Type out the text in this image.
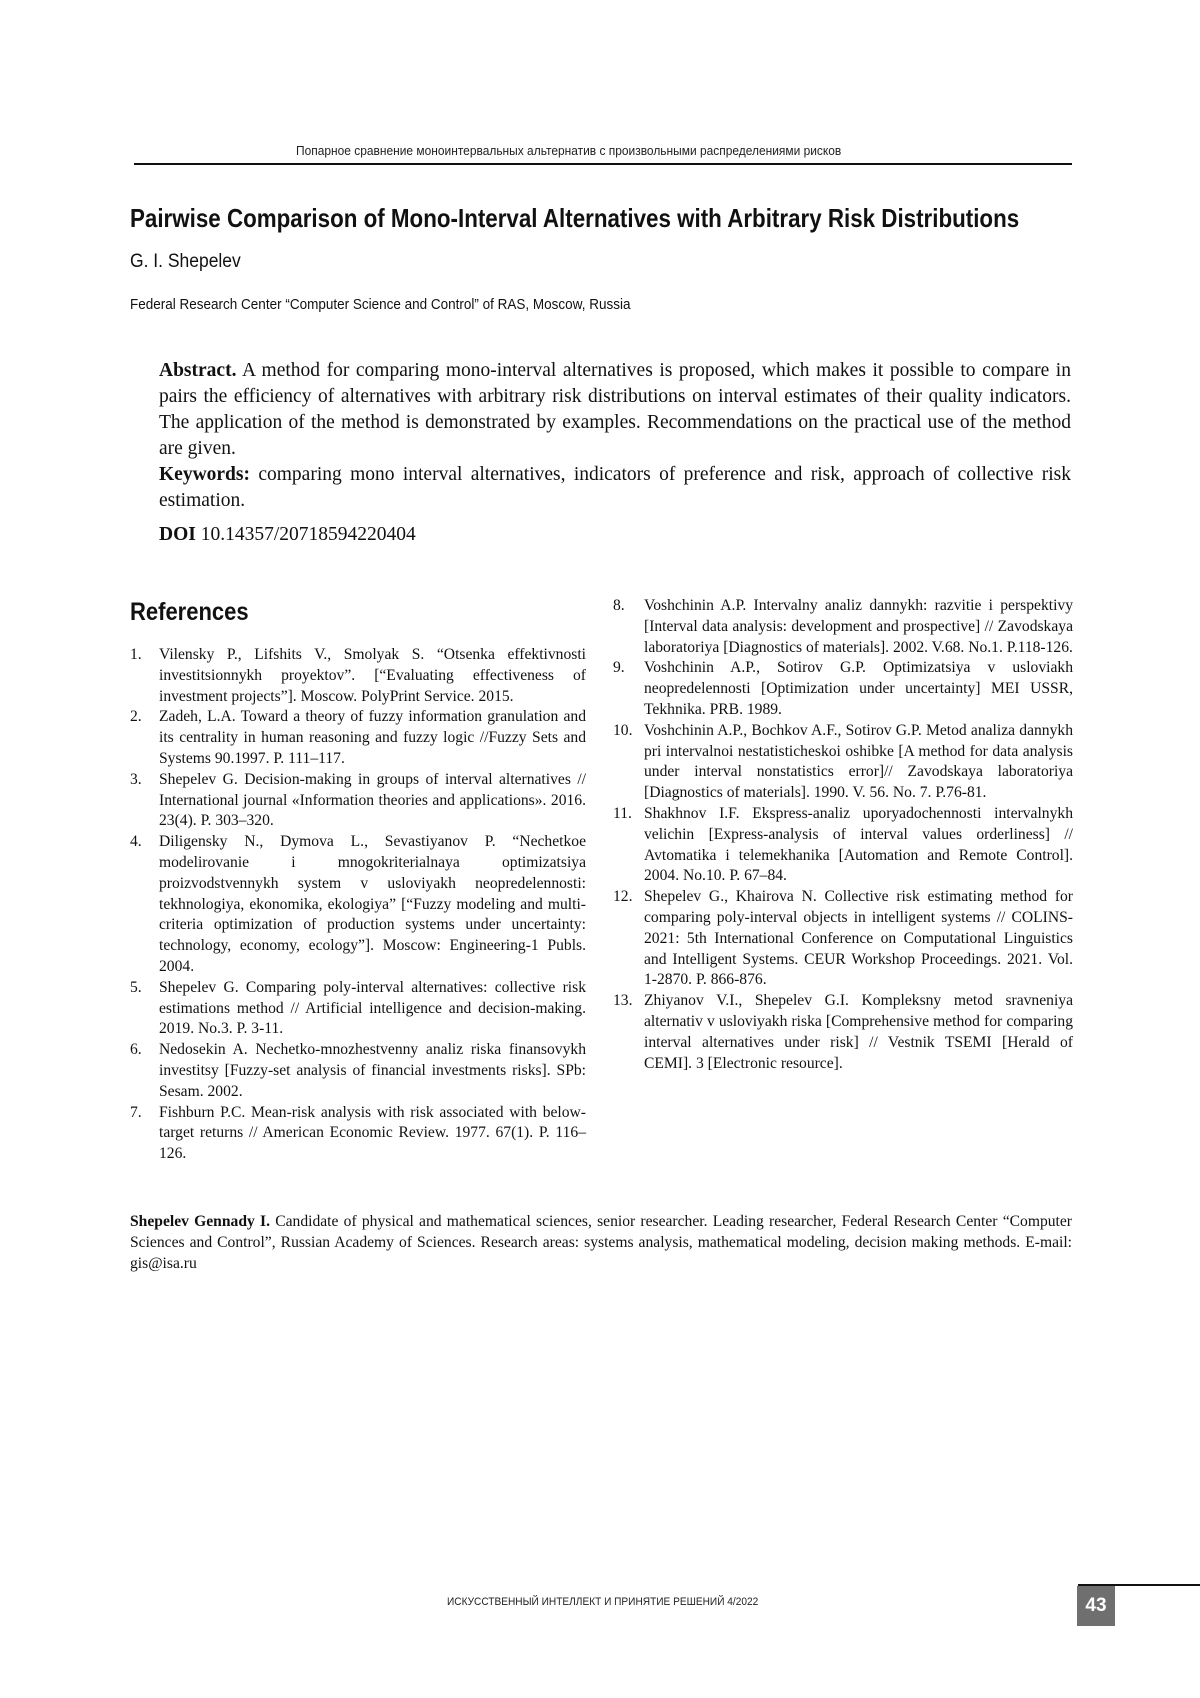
Попарное сравнение моноинтервальных альтернатив с произвольными распределениями рисков
Pairwise Comparison of Mono-Interval Alternatives with Arbitrary Risk Distributions
G. I. Shepelev
Federal Research Center “Computer Science and Control” of RAS, Moscow, Russia

Abstract. A method for comparing mono-interval alternatives is proposed, which makes it possible to compare in pairs the efficiency of alternatives with arbitrary risk distributions on interval estimates of their quality indicators. The application of the method is demonstrated by examples. Recommendations on the practical use of the method are given.

Keywords: comparing mono interval alternatives, indicators of preference and risk, approach of collective risk estimation.

DOI 10.14357/20718594220404
References
1. Vilensky P., Lifshits V., Smolyak S. “Otsenka effektivnosti investitsionnykh proyektov”. [“Evaluating effectiveness of investment projects”]. Moscow. PolyPrint Service. 2015.
2. Zadeh, L.A. Toward a theory of fuzzy information granulation and its centrality in human reasoning and fuzzy logic //Fuzzy Sets and Systems 90.1997. P. 111–117.
3. Shepelev G. Decision-making in groups of interval alternatives // International journal «Information theories and applications». 2016. 23(4). P. 303–320.
4. Diligensky N., Dymova L., Sevastiyanov P. “Nechetkoe modelirovanie i mnogokriterialnaya optimizatsiya proizvodstvennykh system v usloviyakh neopredelennosti: tekhnologiya, ekonomika, ekologiya” [“Fuzzy modeling and multi-criteria optimization of production systems under uncertainty: technology, economy, ecology”]. Moscow: Engineering-1 Publs. 2004.
5. Shepelev G. Comparing poly-interval alternatives: collective risk estimations method // Artificial intelligence and decision-making. 2019. No.3. P. 3-11.
6. Nedosekin A. Nechetko-mnozhestvenny analiz riska finansovykh investitsy [Fuzzy-set analysis of financial investments risks]. SPb: Sesam. 2002.
7. Fishburn P.C. Mean-risk analysis with risk associated with below-target returns // American Economic Review. 1977. 67(1). P. 116–126.
8. Voshchinin A.P. Intervalny analiz dannykh: razvitie i perspektivy [Interval data analysis: development and prospective] // Zavodskaya laboratoriya [Diagnostics of materials]. 2002. V.68. No.1. P.118-126.
9. Voshchinin A.P., Sotirov G.P. Optimizatsiya v usloviakh neopredelennosti [Optimization under uncertainty] MEI USSR, Tekhnika. PRB. 1989.
10. Voshchinin A.P., Bochkov A.F., Sotirov G.P. Metod analiza dannykh pri intervalnoi nestatisticheskoi oshibke [A method for data analysis under interval nonstatistics error]// Zavodskaya laboratoriya [Diagnostics of materials]. 1990. V. 56. No. 7. P.76-81.
11. Shakhnov I.F. Ekspress-analiz uporyadochennosti intervalnykh velichin [Express-analysis of interval values orderliness] // Avtomatika i telemekhanika [Automation and Remote Control]. 2004. No.10. P. 67–84.
12. Shepelev G., Khairova N. Collective risk estimating method for comparing poly-interval objects in intelligent systems // COLINS-2021: 5th International Conference on Computational Linguistics and Intelligent Systems. CEUR Workshop Proceedings. 2021. Vol. 1-2870. P. 866-876.
13. Zhiyanov V.I., Shepelev G.I. Kompleksny metod sravneniya alternativ v usloviyakh riska [Comprehensive method for comparing interval alternatives under risk] // Vestnik TSEMI [Herald of CEMI]. 3 [Electronic resource].
Shepelev Gennady I. Candidate of physical and mathematical sciences, senior researcher. Leading researcher, Federal Research Center “Computer Sciences and Control”, Russian Academy of Sciences. Research areas: systems analysis, mathematical modeling, decision making methods. E-mail: gis@isa.ru
ИСКУССТВЕННЫЙ ИНТЕЛЛЕКТ И ПРИНЯТИЕ РЕШЕНИЙ 4/2022	43
